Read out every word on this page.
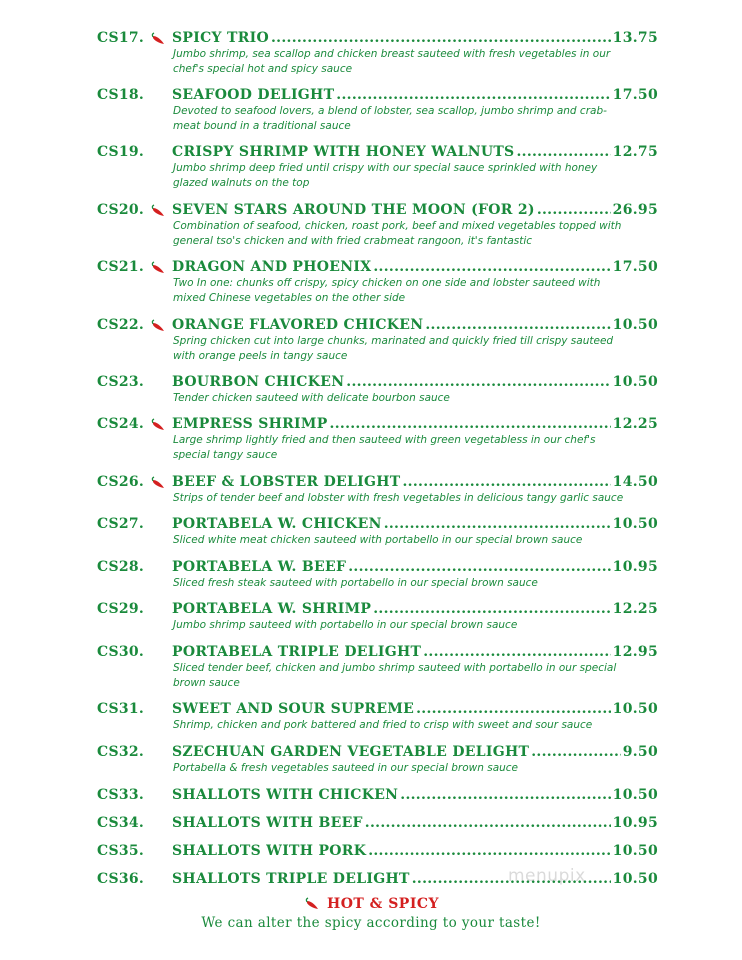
CS17. SPICY TRIO .....	13.75
Jumbo shrimp, sea scallop and chicken breast sauteed with fresh vegetables in our chef's special hot and spicy sauce
CS18. SEAFOOD DELIGHT .....	17.50
Devoted to seafood lovers, a blend of lobster, sea scallop, jumbo shrimp and crab-meat bound in a traditional sauce
CS19. CRISPY SHRIMP WITH HONEY WALNUTS .....	12.75
Jumbo shrimp deep fried until crispy with our special sauce sprinkled with honey glazed walnuts on the top
CS20. SEVEN STARS AROUND THE MOON (FOR 2) .....	26.95
Combination of seafood, chicken, roast pork, beef and mixed vegetables topped with general tso's chicken and with fried crabmeat rangoon, it's fantastic
CS21. DRAGON AND PHOENIX .....	17.50
Two In one: chunks off crispy, spicy chicken on one side and lobster sauteed with mixed Chinese vegetables on the other side
CS22. ORANGE FLAVORED CHICKEN .....	10.50
Spring chicken cut into large chunks, marinated and quickly fried till crispy sauteed with orange peels in tangy sauce
CS23. BOURBON CHICKEN .....	10.50
Tender chicken sauteed with delicate bourbon sauce
CS24. EMPRESS SHRIMP .....	12.25
Large shrimp lightly fried and then sauteed with green vegetabless in our chef's special tangy sauce
CS26. BEEF & LOBSTER DELIGHT .....	14.50
Strips of tender beef and lobster with fresh vegetables in delicious tangy garlic sauce
CS27. PORTABELA W. CHICKEN .....	10.50
Sliced white meat chicken sauteed with portabello in our special brown sauce
CS28. PORTABELA W. BEEF .....	10.95
Sliced fresh steak sauteed with portabello in our special brown sauce
CS29. PORTABELA W. SHRIMP .....	12.25
Jumbo shrimp sauteed with portabello in our special brown sauce
CS30. PORTABELA TRIPLE DELIGHT .....	12.95
Sliced tender beef, chicken and jumbo shrimp sauteed with portabello in our special brown sauce
CS31. SWEET AND SOUR SUPREME .....	10.50
Shrimp, chicken and pork battered and fried to crisp with sweet and sour sauce
CS32. SZECHUAN GARDEN VEGETABLE DELIGHT .....	9.50
Portabella & fresh vegetables sauteed in our special brown sauce
CS33. SHALLOTS WITH CHICKEN .....	10.50
CS34. SHALLOTS WITH BEEF .....	10.95
CS35. SHALLOTS WITH PORK .....	10.50
CS36. SHALLOTS TRIPLE DELIGHT .....	10.50
menupix
HOT & SPICY
We can alter the spicy according to your taste!
